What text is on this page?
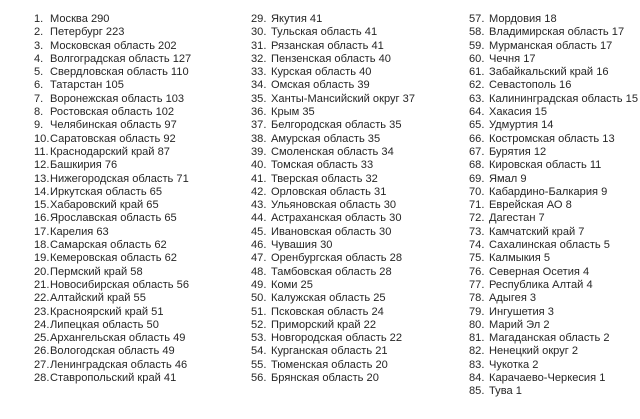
1. Москва 290
2. Петербург 223
3. Московская область 202
4. Волгоградская область 127
5. Свердловская область 110
6. Татарстан 105
7. Воронежская область 103
8. Ростовская область 102
9. Челябинская область 97
10. Саратовская область 92
11. Краснодарский край 87
12. Башкирия 76
13. Нижегородская область 71
14. Иркутская область 65
15. Хабаровский край 65
16. Ярославская область 65
17. Карелия 63
18. Самарская область 62
19. Кемеровская область 62
20. Пермский край 58
21. Новосибирская область 56
22. Алтайский край 55
23. Красноярский край 51
24. Липецкая область 50
25. Архангельская область 49
26. Вологодская область 49
27. Ленинградская область 46
28. Ставропольский край 41
29. Якутия 41
30. Тульская область 41
31. Рязанская область 41
32. Пензенская область 40
33. Курская область 40
34. Омская область 39
35. Ханты-Мансийский округ 37
36. Крым 35
37. Белгородская область 35
38. Амурская область 35
39. Смоленская область 34
40. Томская область 33
41. Тверская область 32
42. Орловская область 31
43. Ульяновская область 30
44. Астраханская область 30
45. Ивановская область 30
46. Чувашия 30
47. Оренбургская область 28
48. Тамбовская область 28
49. Коми 25
50. Калужская область 25
51. Псковская область 24
52. Приморский край 22
53. Новгородская область 22
54. Курганская область 21
55. Тюменская область 20
56. Брянская область 20
57. Мордовия 18
58. Владимирская область 17
59. Мурманская область 17
60. Чечня 17
61. Забайкальский край 16
62. Севастополь 16
63. Калининградская область 15
64. Хакасия 15
65. Удмуртия 14
66. Костромская область 13
67. Бурятия 12
68. Кировская область 11
69. Ямал 9
70. Кабардино-Балкария 9
71. Еврейская АО 8
72. Дагестан 7
73. Камчатский край 7
74. Сахалинская область 5
75. Калмыкия 5
76. Северная Осетия 4
77. Республика Алтай 4
78. Адыгея 3
79. Ингушетия 3
80. Марий Эл 2
81. Магаданская область 2
82. Ненецкий округ 2
83. Чукотка 2
84. Карачаево-Черкесия 1
85. Тува 1
